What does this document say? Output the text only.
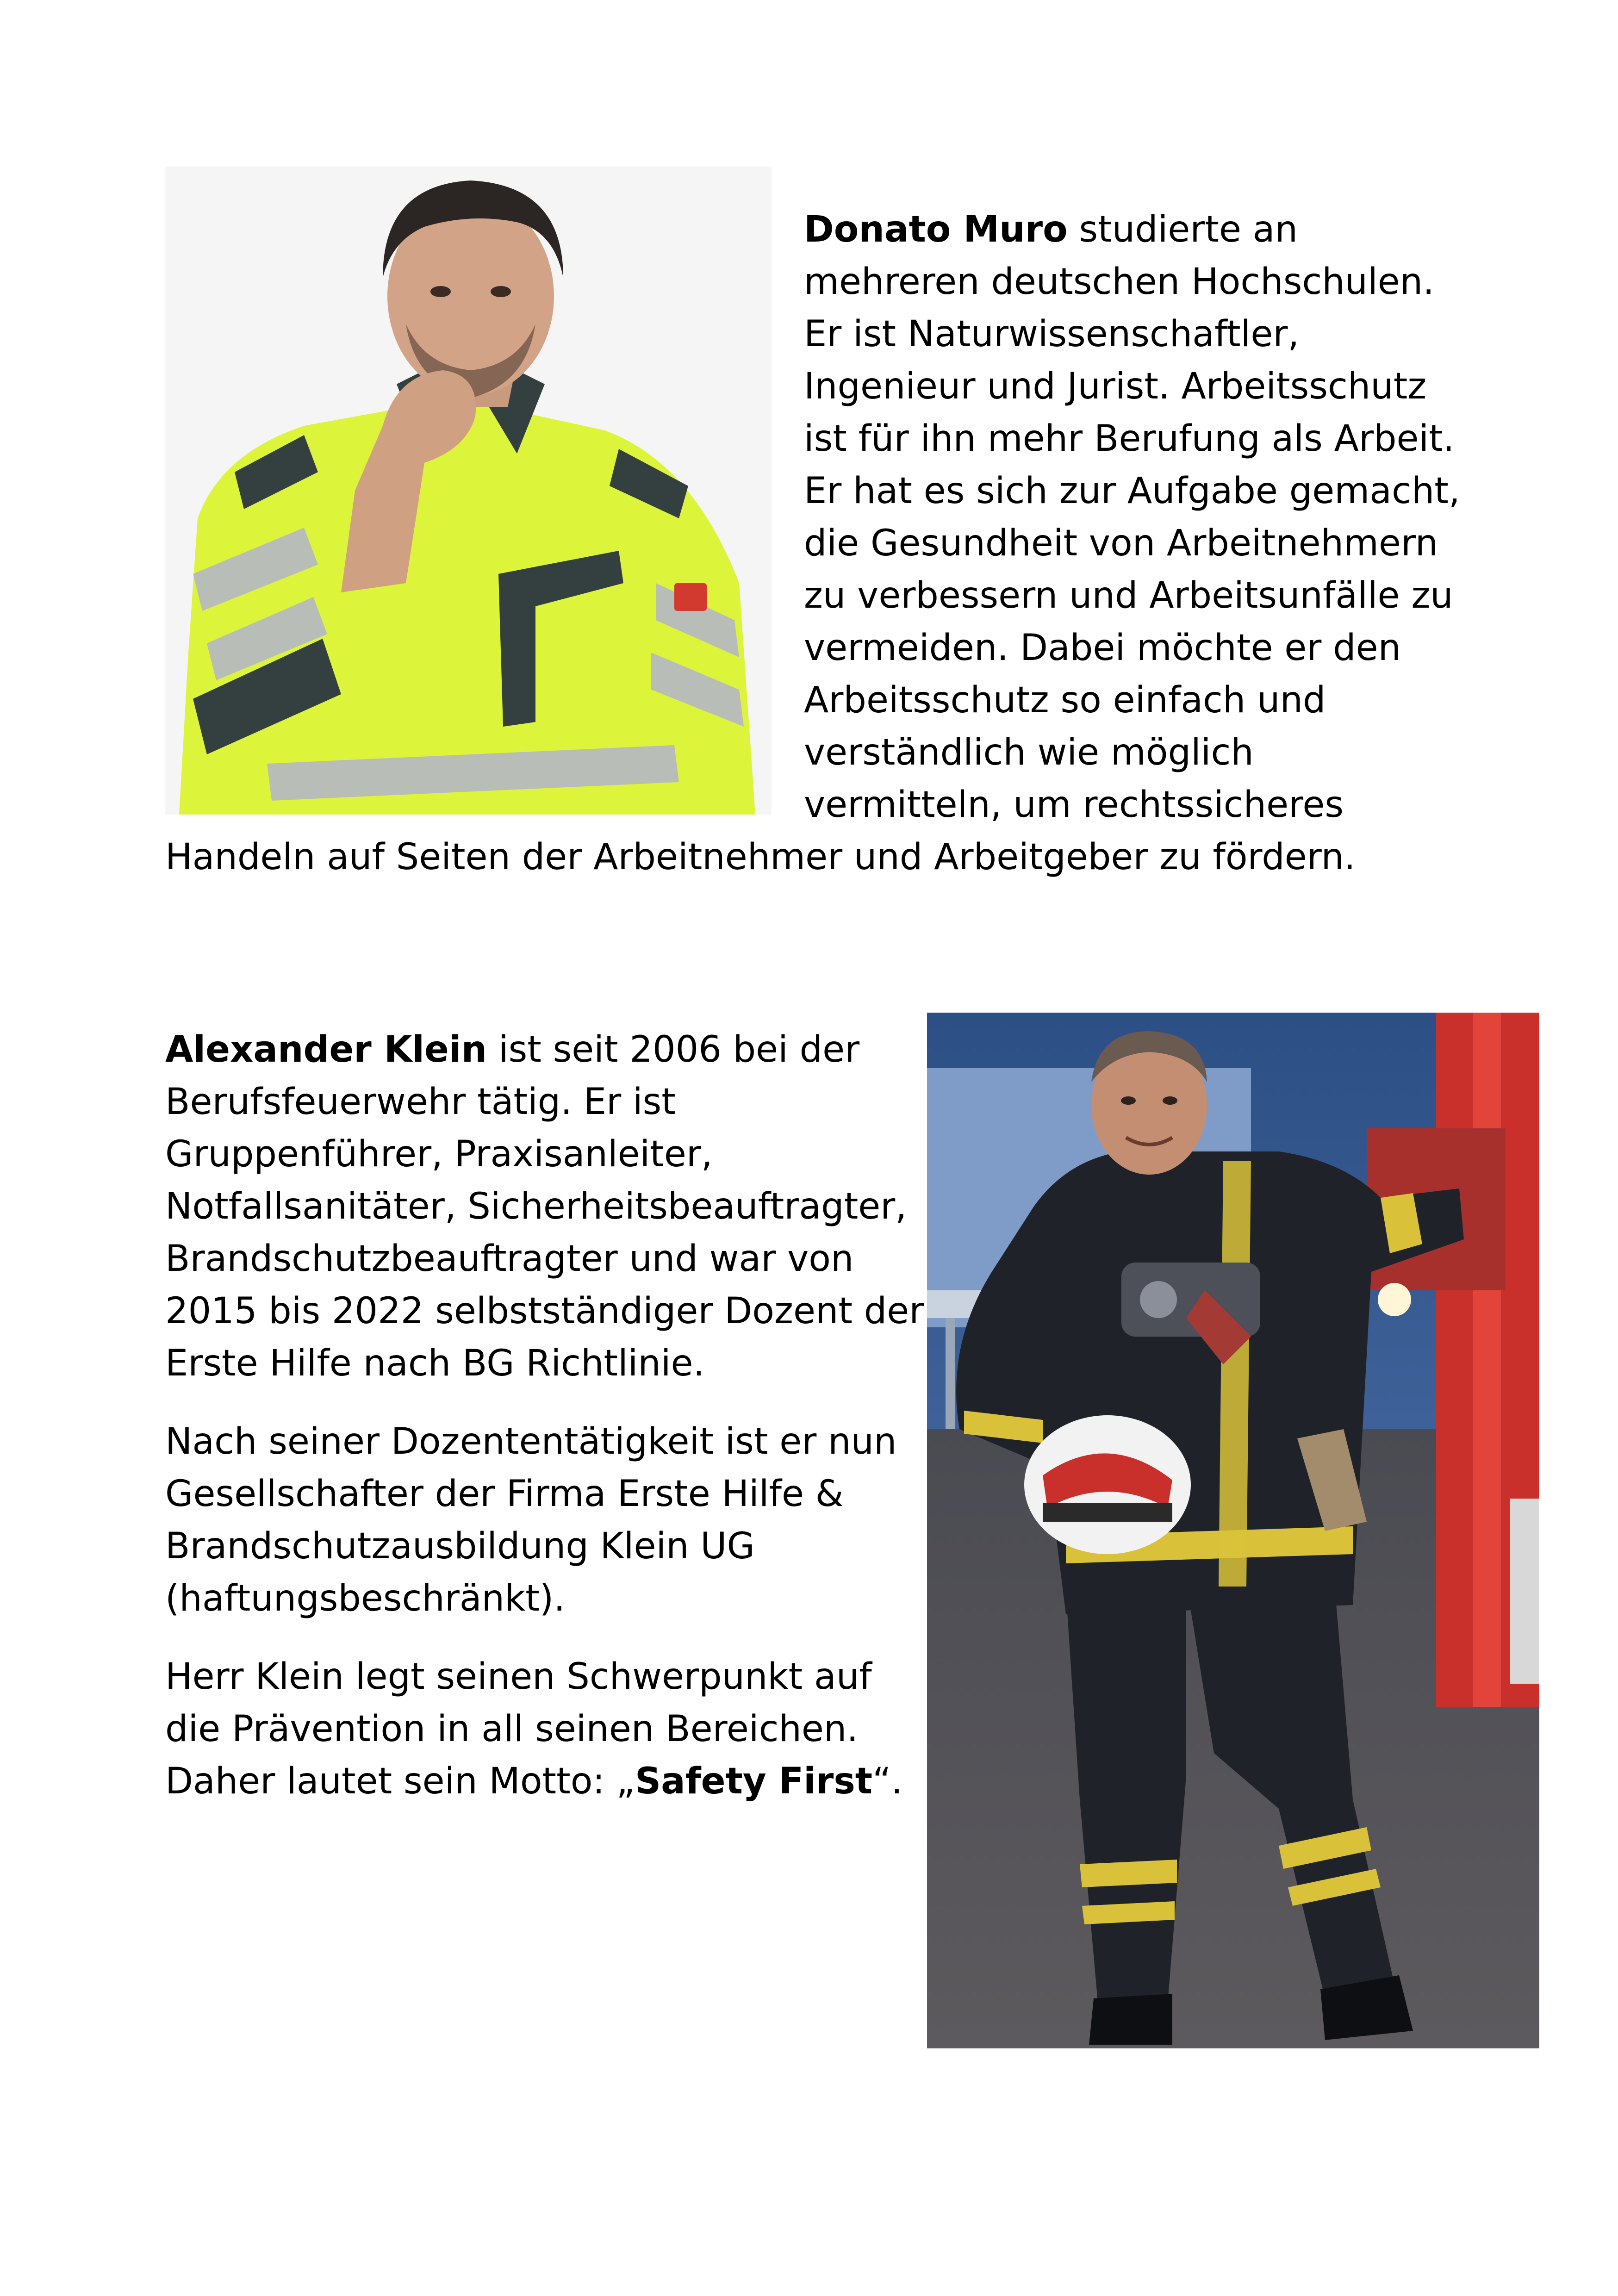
Donato Muro studierte an mehreren deutschen Hochschulen. Er ist Naturwissenschaftler, Ingenieur und Jurist. Arbeitsschutz ist für ihn mehr Berufung als Arbeit. Er hat es sich zur Aufgabe gemacht, die Gesundheit von Arbeitnehmern zu verbessern und Arbeitsunfälle zu vermeiden. Dabei möchte er den Arbeitsschutz so einfach und verständlich wie möglich vermitteln, um rechtssicheres Handeln auf Seiten der Arbeitnehmer und Arbeitgeber zu fördern.

Alexander Klein ist seit 2006 bei der Berufsfeuerwehr tätig. Er ist Gruppenführer, Praxisanleiter, Notfallsanitäter, Sicherheitsbeauftragter, Brandschutzbeauftragter und war von 2015 bis 2022 selbstständiger Dozent der Erste Hilfe nach BG Richtlinie.

Nach seiner Dozententätigkeit ist er nun Gesellschafter der Firma Erste Hilfe & Brandschutzausbildung Klein UG (haftungsbeschränkt).

Herr Klein legt seinen Schwerpunkt auf die Prävention in all seinen Bereichen. Daher lautet sein Motto: „Safety First“.
